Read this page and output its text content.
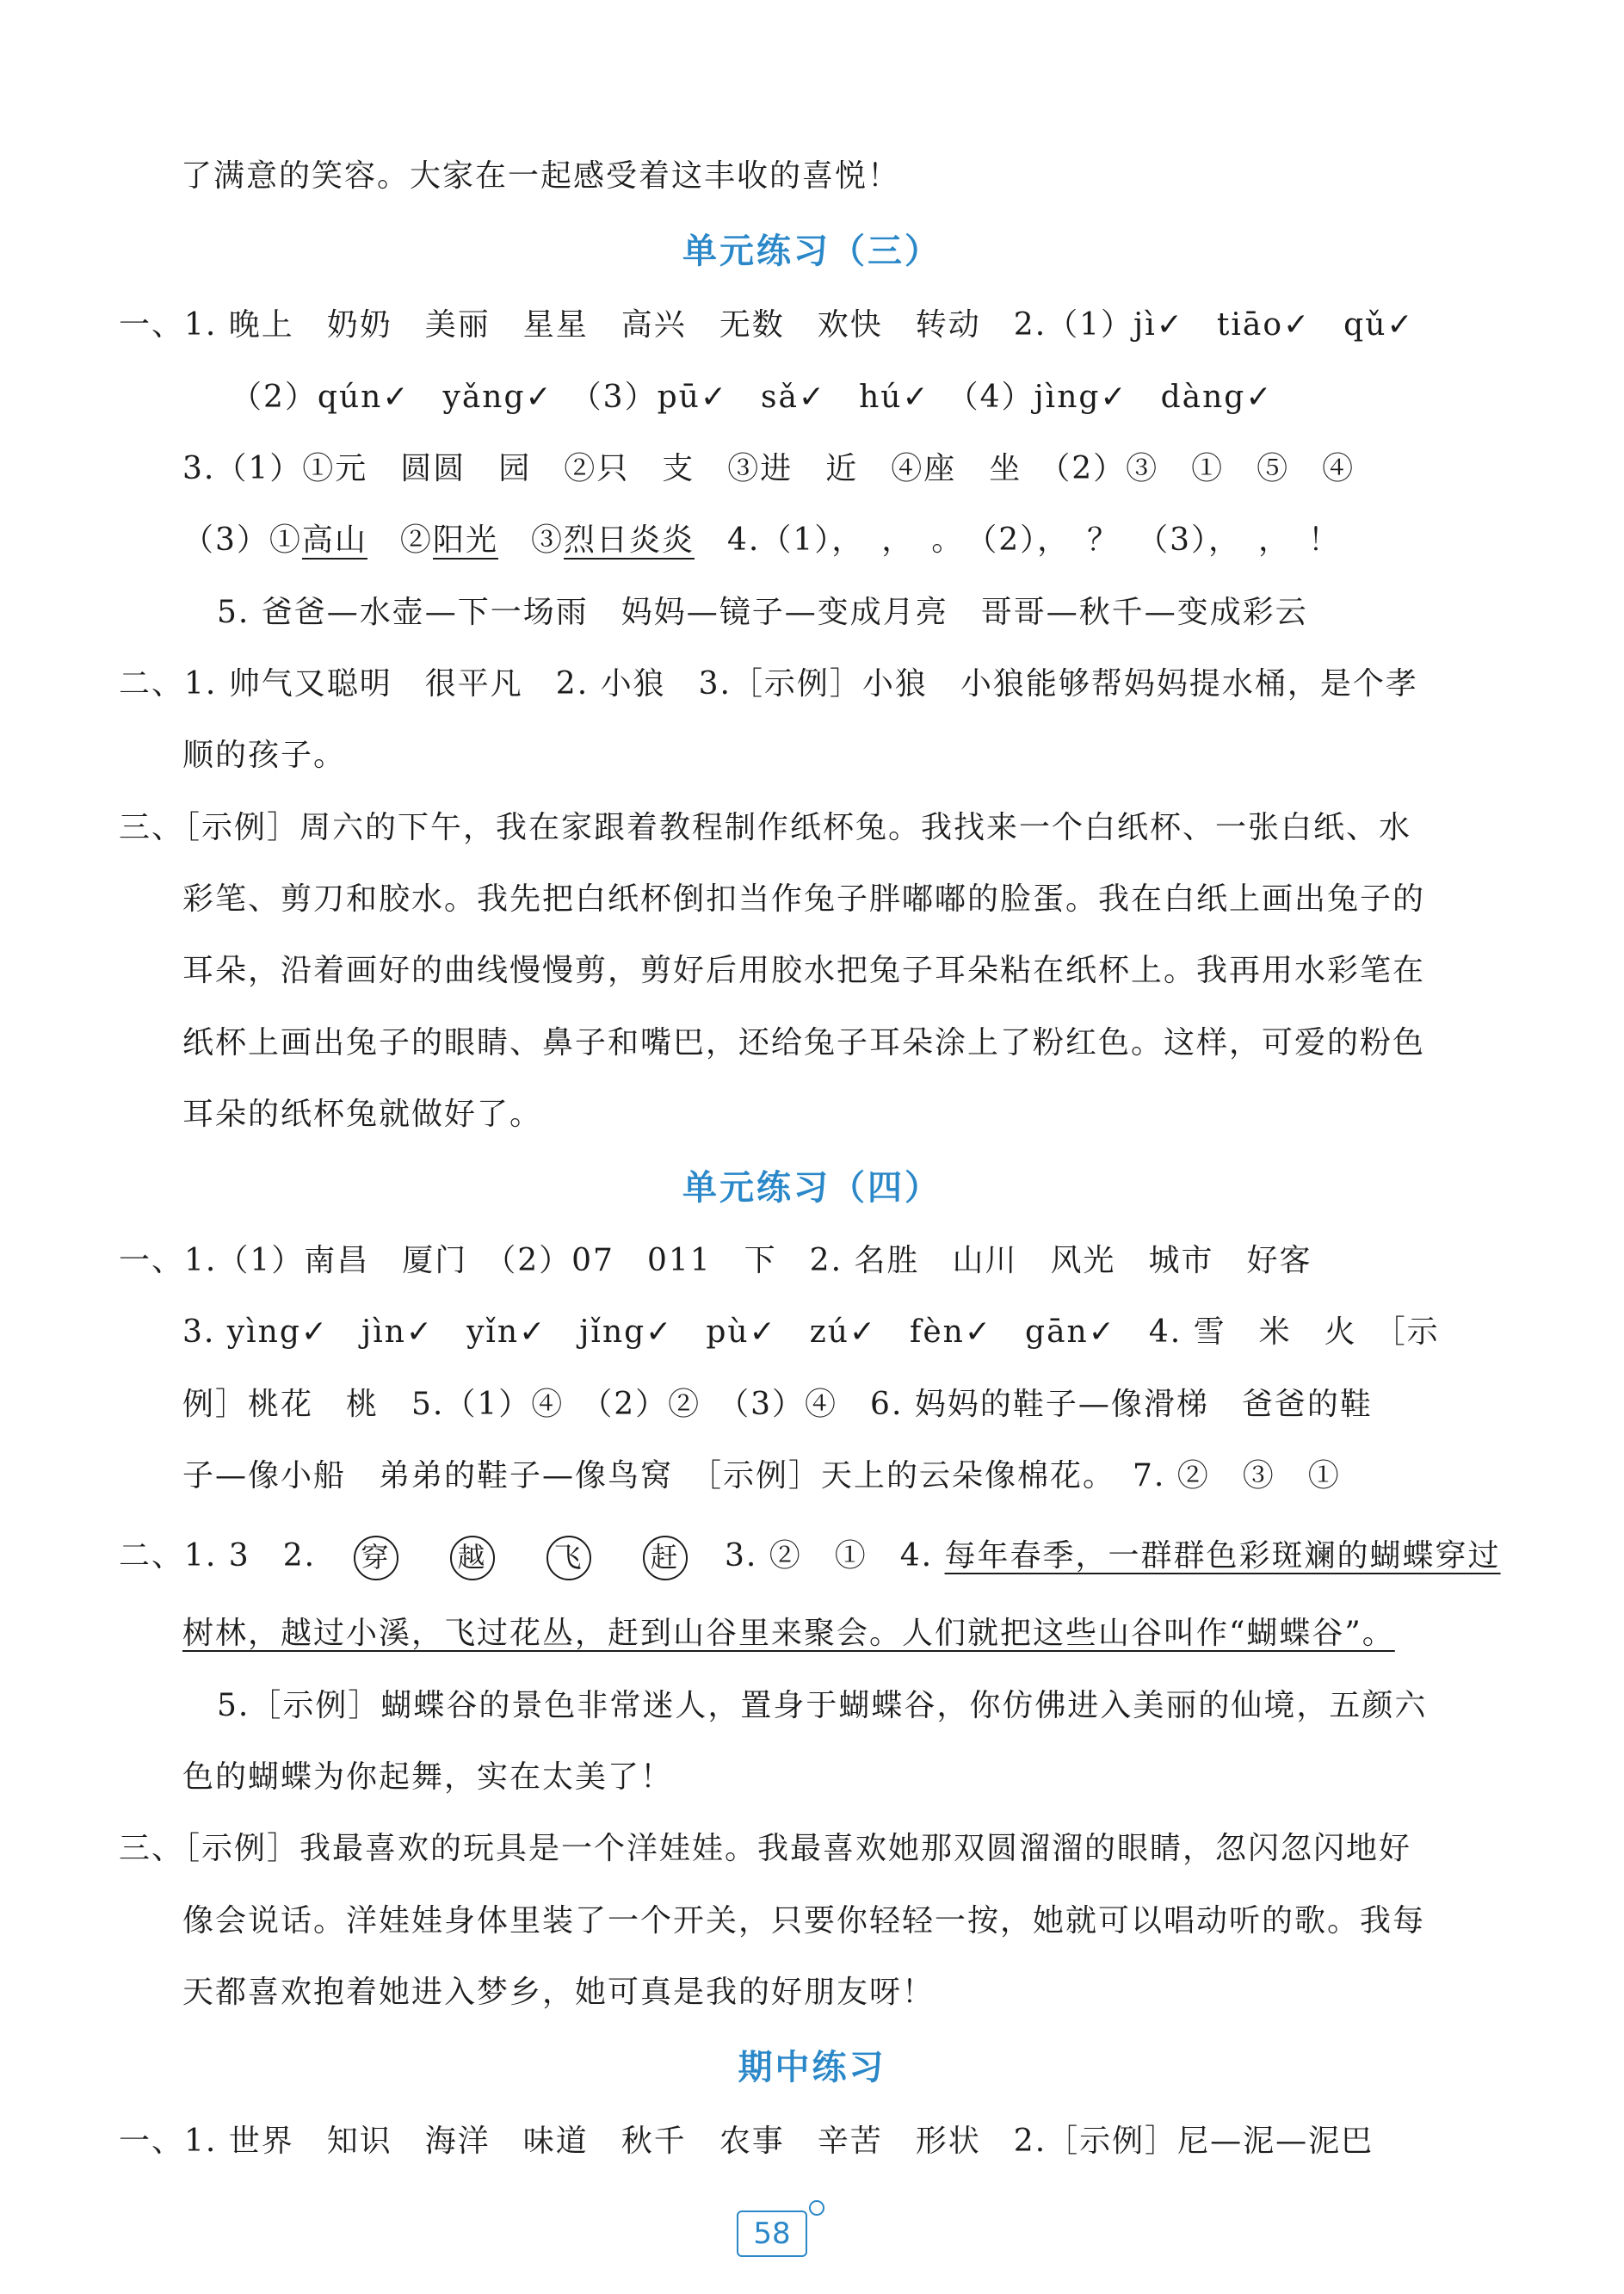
了满意的笑容。大家在一起感受着这丰收的喜悦！
单元练习（三）
一、1. 晚上　奶奶　美丽　星星　高兴　无数　欢快　转动　2.（1）jì✓　tiāo✓　qǔ✓
（2）qún✓　yǎng✓　（3）pū✓　sǎ✓　hú✓　（4）jìng✓　dàng✓
3.（1）①元　圆圆　园　②只　支　③进　近　④座　坐　（2）③　①　⑤　④
（3）①高山　②阳光　③烈日炎炎　4.（1），　，　。　（2），　？　（3），　，　！
5. 爸爸—水壶—下一场雨　妈妈—镜子—变成月亮　哥哥—秋千—变成彩云
二、1. 帅气又聪明　很平凡　2. 小狼　3.［示例］小狼　小狼能够帮妈妈提水桶，是个孝
顺的孩子。
三、［示例］周六的下午，我在家跟着教程制作纸杯兔。我找来一个白纸杯、一张白纸、水
彩笔、剪刀和胶水。我先把白纸杯倒扣当作兔子胖嘟嘟的脸蛋。我在白纸上画出兔子的
耳朵，沿着画好的曲线慢慢剪，剪好后用胶水把兔子耳朵粘在纸杯上。我再用水彩笔在
纸杯上画出兔子的眼睛、鼻子和嘴巴，还给兔子耳朵涂上了粉红色。这样，可爱的粉色
耳朵的纸杯兔就做好了。
单元练习（四）
一、1.（1）南昌　厦门　（2）07　011　下　2. 名胜　山川　风光　城市　好客
3. yìng✓　jìn✓　yǐn✓　jǐng✓　pù✓　zú✓　fèn✓　gān✓　4. 雪　米　火　［示
例］桃花　桃　5.（1）④　（2）②　（3）④　6. 妈妈的鞋子—像滑梯　爸爸的鞋
子—像小船　弟弟的鞋子—像鸟窝　［示例］天上的云朵像棉花。　7. ②　③　①
二、1. 3　2. 穿 越 飞 赶 3. ②　①　4. 每年春季，一群群色彩斑斓的蝴蝶穿过
树林，越过小溪，飞过花丛，赶到山谷里来聚会。人们就把这些山谷叫作“蝴蝶谷”。
5.［示例］蝴蝶谷的景色非常迷人，置身于蝴蝶谷，你仿佛进入美丽的仙境，五颜六
色的蝴蝶为你起舞，实在太美了！
三、［示例］我最喜欢的玩具是一个洋娃娃。我最喜欢她那双圆溜溜的眼睛，忽闪忽闪地好
像会说话。洋娃娃身体里装了一个开关，只要你轻轻一按，她就可以唱动听的歌。我每
天都喜欢抱着她进入梦乡，她可真是我的好朋友呀！
期中练习
一、1. 世界　知识　海洋　味道　秋千　农事　辛苦　形状　2.［示例］尼—泥—泥巴
58
